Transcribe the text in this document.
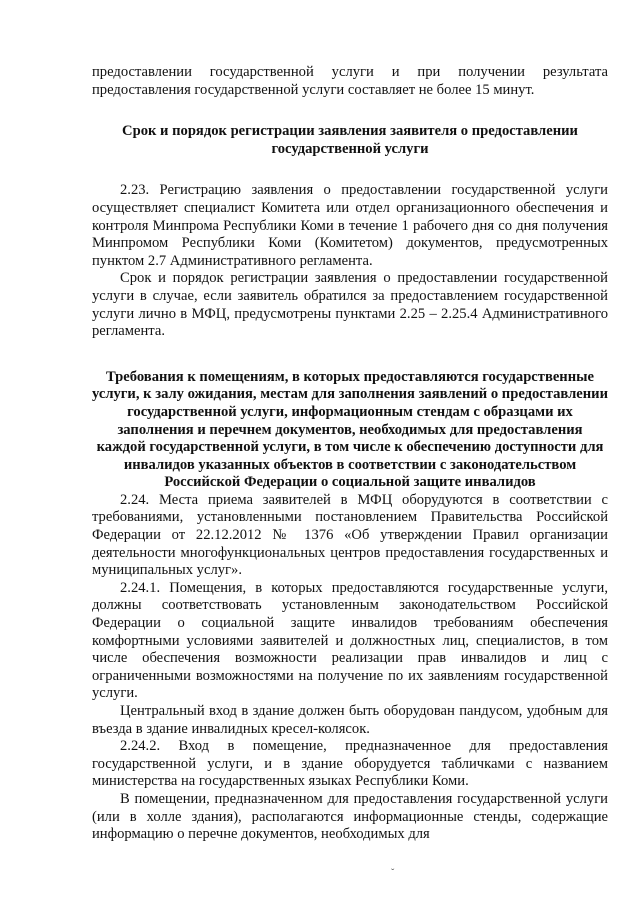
предоставлении государственной услуги и при получении результата предоставления государственной услуги составляет не более 15 минут.

Срок и порядок регистрации заявления заявителя о предоставлении государственной услуги

2.23. Регистрацию заявления о предоставлении государственной услуги осуществляет специалист Комитета или отдел организационного обеспечения и контроля Минпрома Республики Коми в течение 1 рабочего дня со дня получения Минпромом Республики Коми (Комитетом) документов, предусмотренных пунктом 2.7 Административного регламента.

Срок и порядок регистрации заявления о предоставлении государственной услуги в случае, если заявитель обратился за предоставлением государственной услуги лично в МФЦ, предусмотрены пунктами 2.25 – 2.25.4 Административного регламента.

Требования к помещениям, в которых предоставляются государственные услуги, к залу ожидания, местам для заполнения заявлений о предоставлении государственной услуги, информационным стендам с образцами их заполнения и перечнем документов, необходимых для предоставления каждой государственной услуги, в том числе к обеспечению доступности для инвалидов указанных объектов в соответствии с законодательством Российской Федерации о социальной защите инвалидов

2.24. Места приема заявителей в МФЦ оборудуются в соответствии с требованиями, установленными постановлением Правительства Российской Федерации от 22.12.2012 № 1376 «Об утверждении Правил организации деятельности многофункциональных центров предоставления государственных и муниципальных услуг».

2.24.1. Помещения, в которых предоставляются государственные услуги, должны соответствовать установленным законодательством Российской Федерации о социальной защите инвалидов требованиям обеспечения комфортными условиями заявителей и должностных лиц, специалистов, в том числе обеспечения возможности реализации прав инвалидов и лиц с ограниченными возможностями на получение по их заявлениям государственной услуги.

Центральный вход в здание должен быть оборудован пандусом, удобным для въезда в здание инвалидных кресел-колясок.

2.24.2. Вход в помещение, предназначенное для предоставления государственной услуги, и в здание оборудуется табличками с названием министерства на государственных языках Республики Коми.

В помещении, предназначенном для предоставления государственной услуги (или в холле здания), располагаются информационные стенды, содержащие информацию о перечне документов, необходимых для

ˇ
